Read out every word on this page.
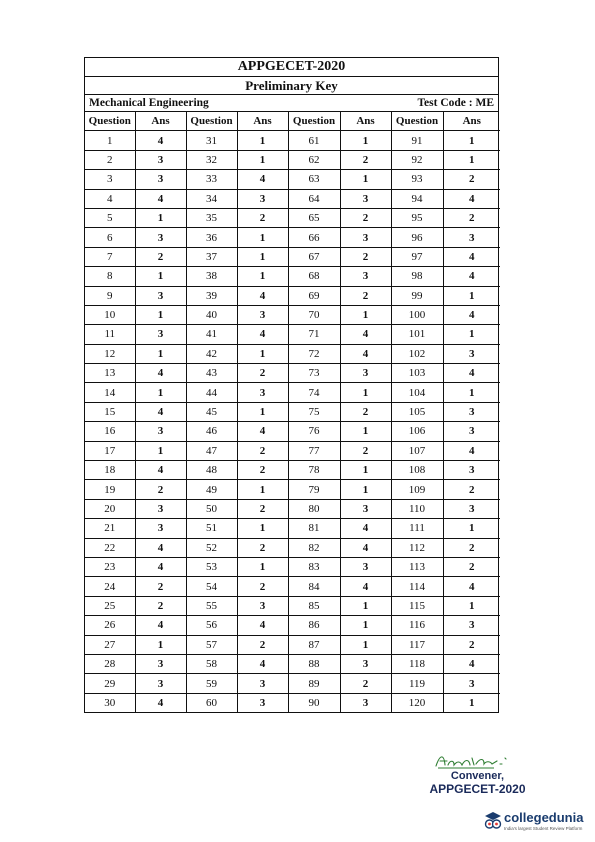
APPGECET-2020
Preliminary Key
Mechanical Engineering	Test Code : ME
Question	Ans	Question	Ans	Question	Ans	Question	Ans
1	4	31	1	61	1	91	1
2	3	32	1	62	2	92	1
3	3	33	4	63	1	93	2
4	4	34	3	64	3	94	4
5	1	35	2	65	2	95	2
6	3	36	1	66	3	96	3
7	2	37	1	67	2	97	4
8	1	38	1	68	3	98	4
9	3	39	4	69	2	99	1
10	1	40	3	70	1	100	4
11	3	41	4	71	4	101	1
12	1	42	1	72	4	102	3
13	4	43	2	73	3	103	4
14	1	44	3	74	1	104	1
15	4	45	1	75	2	105	3
16	3	46	4	76	1	106	3
17	1	47	2	77	2	107	4
18	4	48	2	78	1	108	3
19	2	49	1	79	1	109	2
20	3	50	2	80	3	110	3
21	3	51	1	81	4	111	1
22	4	52	2	82	4	112	2
23	4	53	1	83	3	113	2
24	2	54	2	84	4	114	4
25	2	55	3	85	1	115	1
26	4	56	4	86	1	116	3
27	1	57	2	87	1	117	2
28	3	58	4	88	3	118	4
29	3	59	3	89	2	119	3
30	4	60	3	90	3	120	1
Convener,
APPGECET-2020
collegedunia
India's largest Student Review Platform
